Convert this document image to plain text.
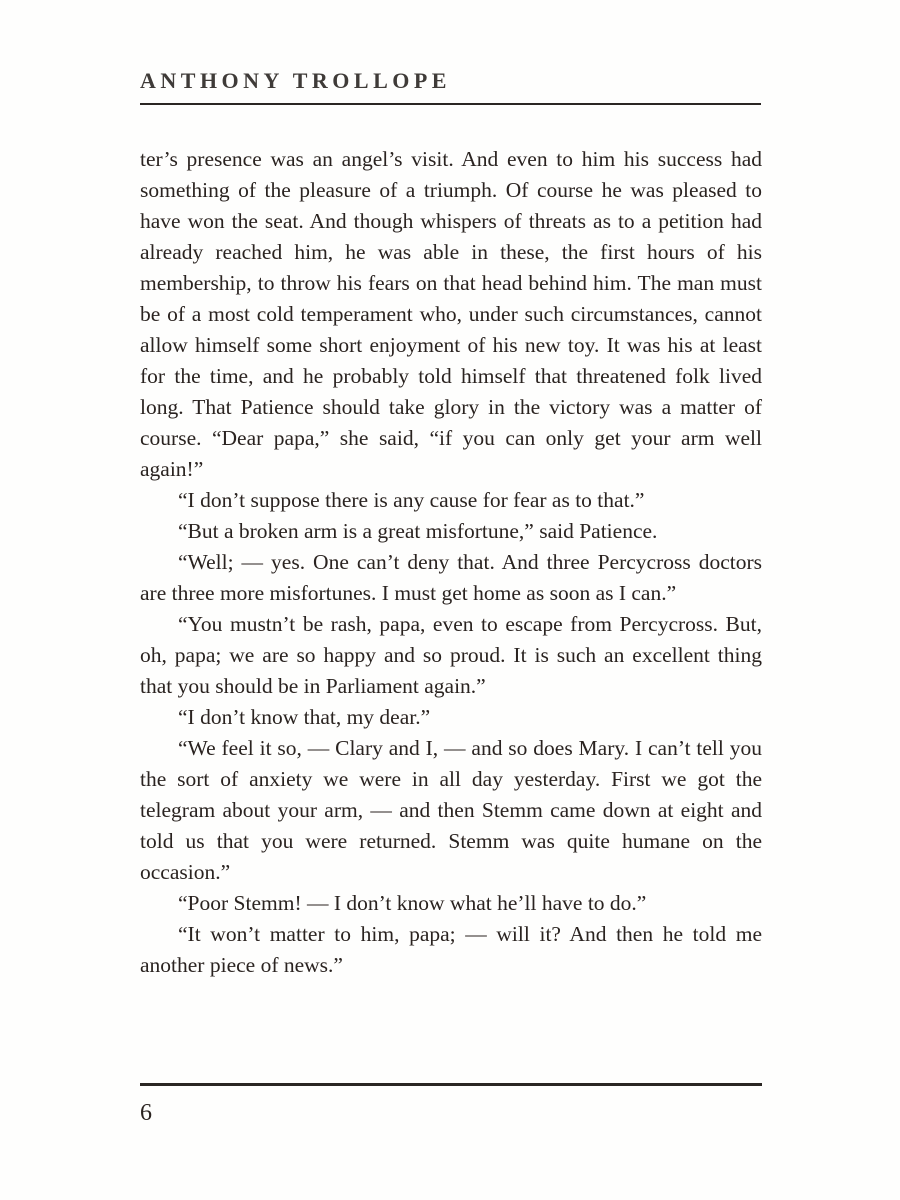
ANTHONY TROLLOPE

ter’s presence was an angel’s visit. And even to him his success had something of the pleasure of a triumph. Of course he was pleased to have won the seat. And though whispers of threats as to a petition had already reached him, he was able in these, the first hours of his membership, to throw his fears on that head behind him. The man must be of a most cold temperament who, under such circumstances, cannot allow himself some short enjoyment of his new toy. It was his at least for the time, and he probably told himself that threatened folk lived long. That Patience should take glory in the victory was a matter of course. “Dear papa,” she said, “if you can only get your arm well again!”

“I don’t suppose there is any cause for fear as to that.”

“But a broken arm is a great misfortune,” said Patience.

“Well; — yes. One can’t deny that. And three Percycross doctors are three more misfortunes. I must get home as soon as I can.”

“You mustn’t be rash, papa, even to escape from Percycross. But, oh, papa; we are so happy and so proud. It is such an excellent thing that you should be in Parliament again.”

“I don’t know that, my dear.”

“We feel it so, — Clary and I, — and so does Mary. I can’t tell you the sort of anxiety we were in all day yesterday. First we got the telegram about your arm, — and then Stemm came down at eight and told us that you were returned. Stemm was quite humane on the occasion.”

“Poor Stemm! — I don’t know what he’ll have to do.”

“It won’t matter to him, papa; — will it? And then he told me another piece of news.”

6
